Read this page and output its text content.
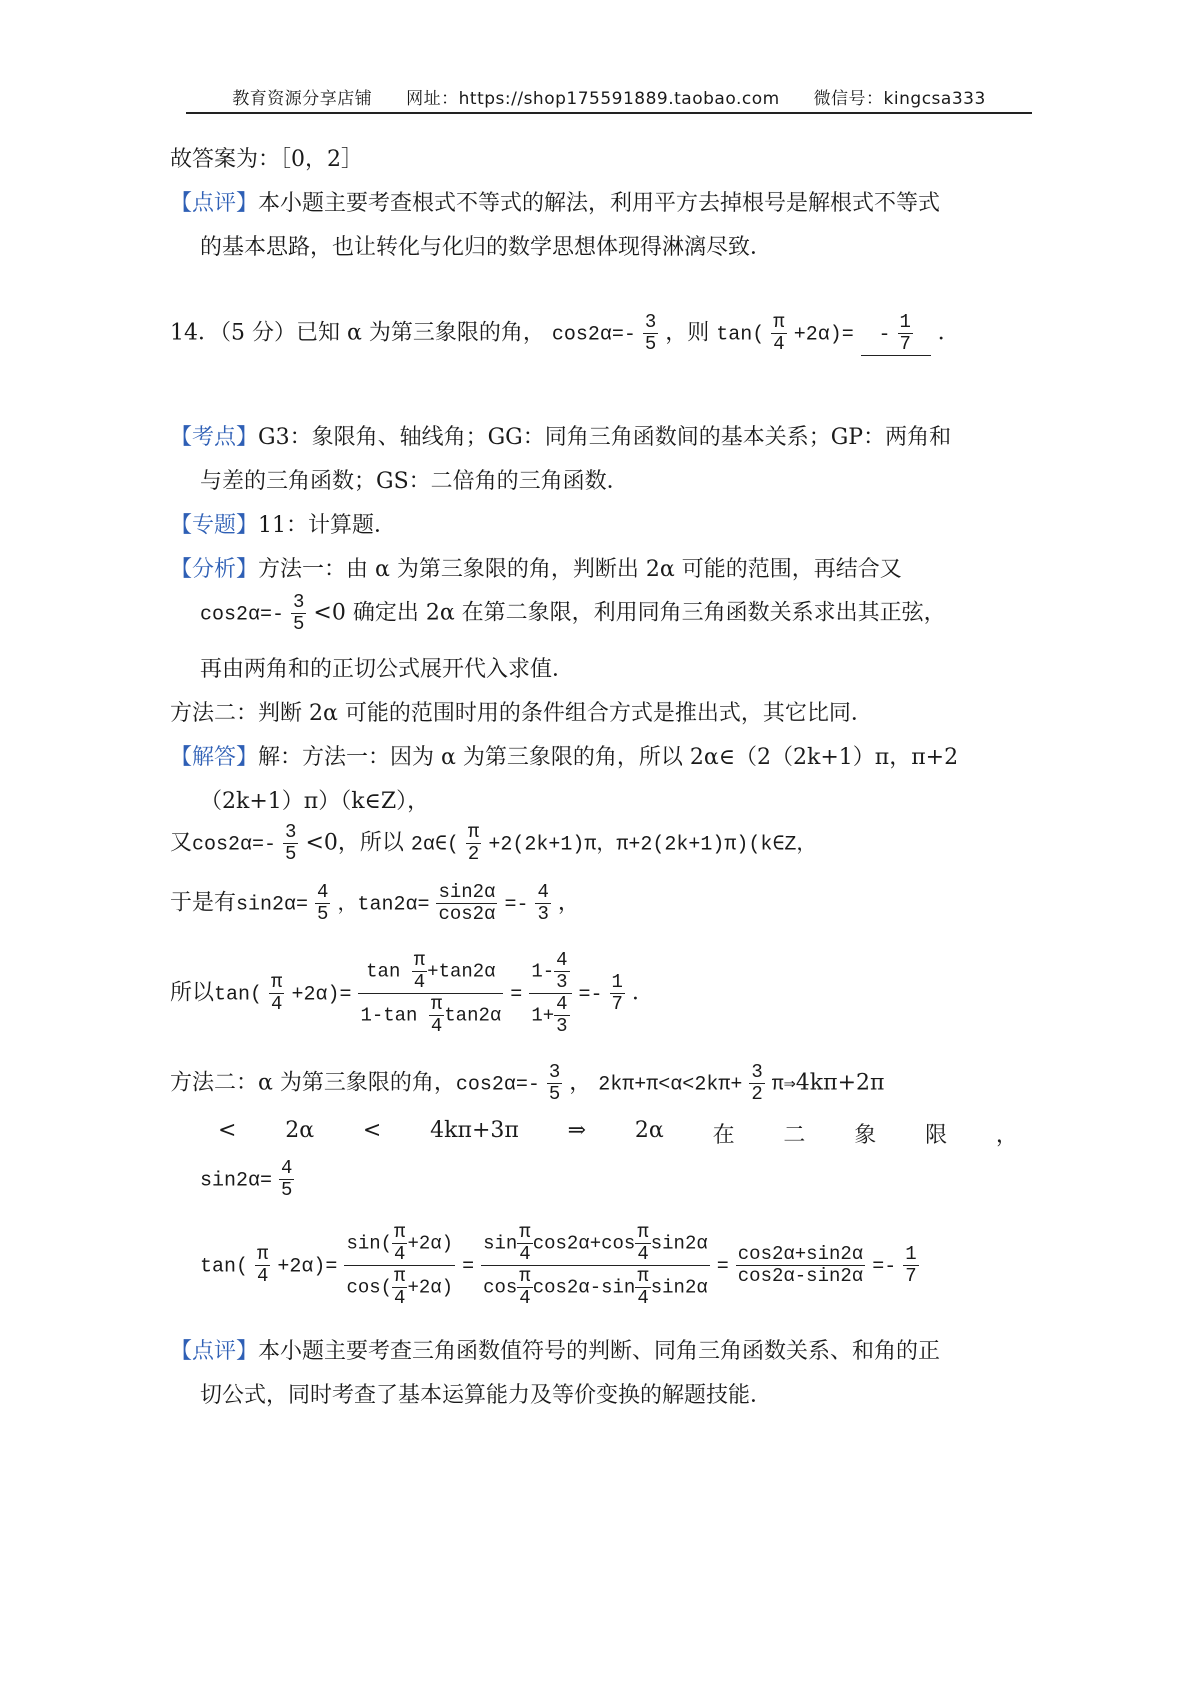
教育资源分享店铺 网址：https://shop175591889.taobao.com 微信号：kingcsa333
故答案为：［0，2］
【点评】本小题主要考查根式不等式的解法，利用平方去掉根号是解根式不等式
的基本思路，也让转化与化归的数学思想体现得淋漓尽致．
14．（5 分）已知 α 为第三象限的角， $\cos 2\alpha=- \frac{3}{5}$ ，则 $\tan( \frac{\pi}{4} +2\alpha)= - \frac{1}{7}$ ．
【考点】G3：象限角、轴线角；GG：同角三角函数间的基本关系；GP：两角和
与差的三角函数；GS：二倍角的三角函数．
【专题】11：计算题．
【分析】方法一：由 α 为第三象限的角，判断出 2α 可能的范围，再结合又
$\cos 2\alpha=- \frac{3}{5} <0$ 确定出 2α 在第二象限，利用同角三角函数关系求出其正弦，
再由两角和的正切公式展开代入求值．
方法二：判断 2α 可能的范围时用的条件组合方式是推出式，其它比同．
【解答】解：方法一：因为 α 为第三象限的角，所以 2α∈（2（2k+1）π，π+2
（2k+1）π）（k∈Z），
又$\cos 2\alpha=- \frac{3}{5} <0$，所以 2α∈( $\frac{\pi}{2} +2(2k+1)\pi$，π+2(2k+1)π)(k∈Z，
于是有$\sin 2\alpha= \frac{4}{5}$ ，$\tan 2\alpha= \frac{\sin 2\alpha}{\cos 2\alpha} =- \frac{4}{3}$ ，
所以$\tan( \frac{\pi}{4} +2\alpha)= \frac{\tan \frac{\pi}{4} +\tan 2\alpha}{1-\tan \frac{\pi}{4} \tan 2\alpha} = \frac{1- \frac{4}{3}}{1+ \frac{4}{3}} =- \frac{1}{7}$ ．
方法二：α 为第三象限的角，$\cos 2\alpha=- \frac{3}{5}$ ， $2k\pi+\pi<\alpha<2k\pi+ \frac{3}{2}$ π⇒4kπ+2π
< 2α < 4kπ+3π ⇒ 2α 在 二 象 限 ，
$\sin 2\alpha= \frac{4}{5}$
$\tan( \frac{\pi}{4} +2\alpha)= \frac{\sin( \frac{\pi}{4} +2\alpha)}{\cos( \frac{\pi}{4} +2\alpha)} = \frac{\sin \frac{\pi}{4} \cos 2\alpha+\cos \frac{\pi}{4} \sin 2\alpha}{\cos \frac{\pi}{4} \cos 2\alpha-\sin \frac{\pi}{4} \sin 2\alpha} = \frac{\cos 2\alpha+\sin 2\alpha}{\cos 2\alpha-\sin 2\alpha} =- \frac{1}{7}$
【点评】本小题主要考查三角函数值符号的判断、同角三角函数关系、和角的正
切公式，同时考查了基本运算能力及等价变换的解题技能．
